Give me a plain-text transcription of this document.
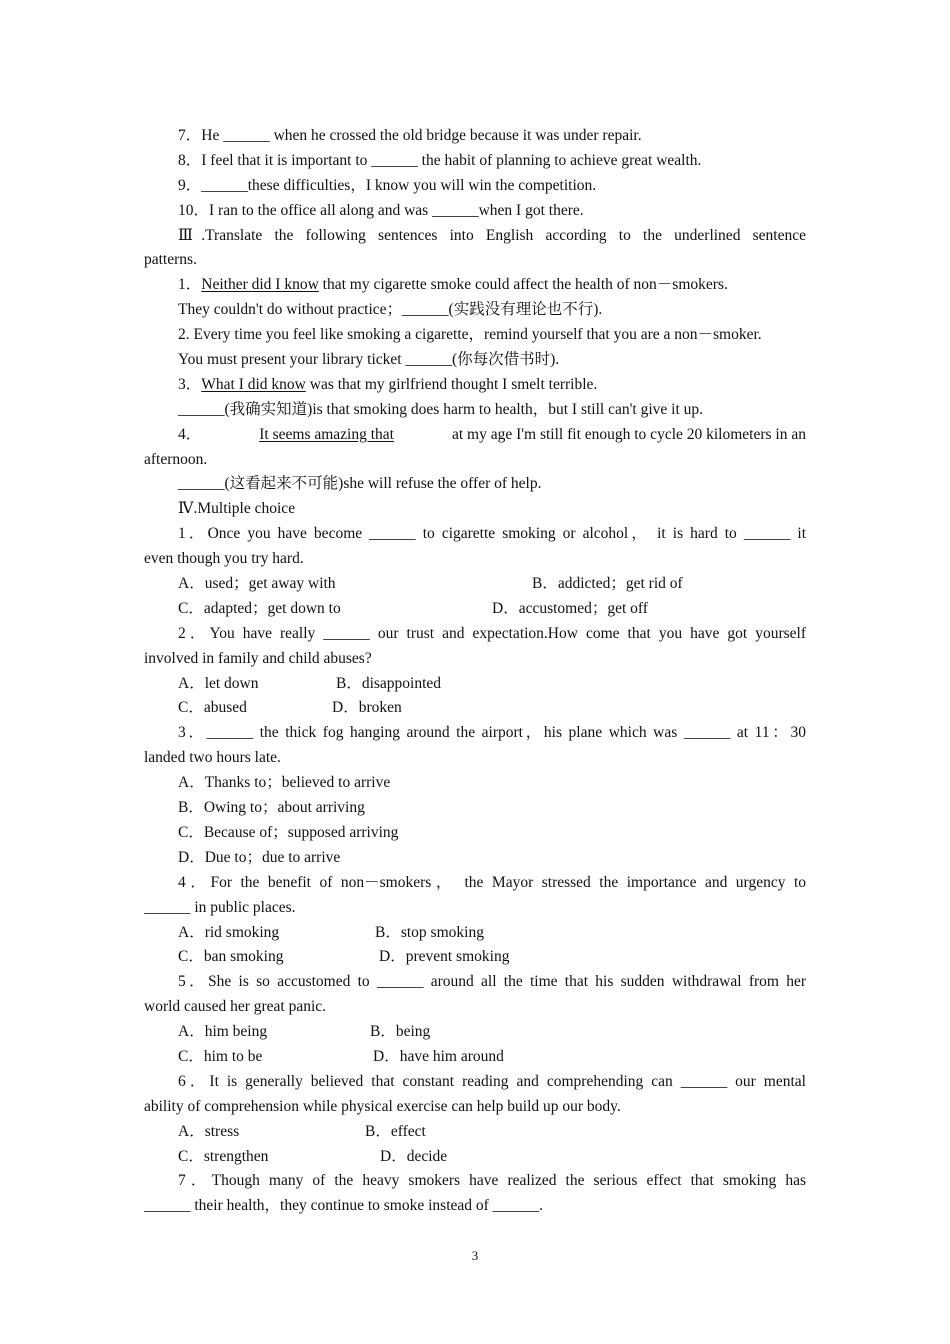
7．He ______ when he crossed the old bridge because it was under repair.
8．I feel that it is important to ______ the habit of planning to achieve great wealth.
9．______these difficulties，I know you will win the competition.
10．I ran to the office all along and was ______when I got there.
Ⅲ.Translate the following sentences into English according to the underlined sentence
patterns.
1．Neither did I know that my cigarette smoke could affect the health of non－smokers.
They couldn't do without practice；______(实践没有理论也不行).
2. Every time you feel like smoking a cigarette，remind yourself that you are a non－smoker.
You must present your library ticket ______(你每次借书时).
3．What I did know was that my girlfriend thought I smelt terrible.
______(我确实知道)is that smoking does harm to health，but I still can't give it up.
4．	It seems amazing that	at my age I'm still fit enough to cycle 20 kilometers in an
afternoon.
______(这看起来不可能)she will refuse the offer of help.
Ⅳ.Multiple choice
1．Once you have become ______ to cigarette smoking or alcohol， it is hard to ______ it
even though you try hard.
A．used；get away with	B．addicted；get rid of
C．adapted；get down to	D．accustomed；get off
2．You have really ______ our trust and expectation.How come that you have got yourself
involved in family and child abuses?
A．let down	B．disappointed
C．abused	D．broken
3．______ the thick fog hanging around the airport，his plane which was ______ at 11：30
landed two hours late.
A．Thanks to；believed to arrive
B．Owing to；about arriving
C．Because of；supposed arriving
D．Due to；due to arrive
4．For the benefit of non－smokers， the Mayor stressed the importance and urgency to
______ in public places.
A．rid smoking	B．stop smoking
C．ban smoking	D．prevent smoking
5．She is so accustomed to ______ around all the time that his sudden withdrawal from her
world caused her great panic.
A．him being	B．being
C．him to be	D．have him around
6．It is generally believed that constant reading and comprehending can ______ our mental
ability of comprehension while physical exercise can help build up our body.
A．stress	B．effect
C．strengthen	D．decide
7．Though many of the heavy smokers have realized the serious effect that smoking has
______ their health，they continue to smoke instead of ______.
3
